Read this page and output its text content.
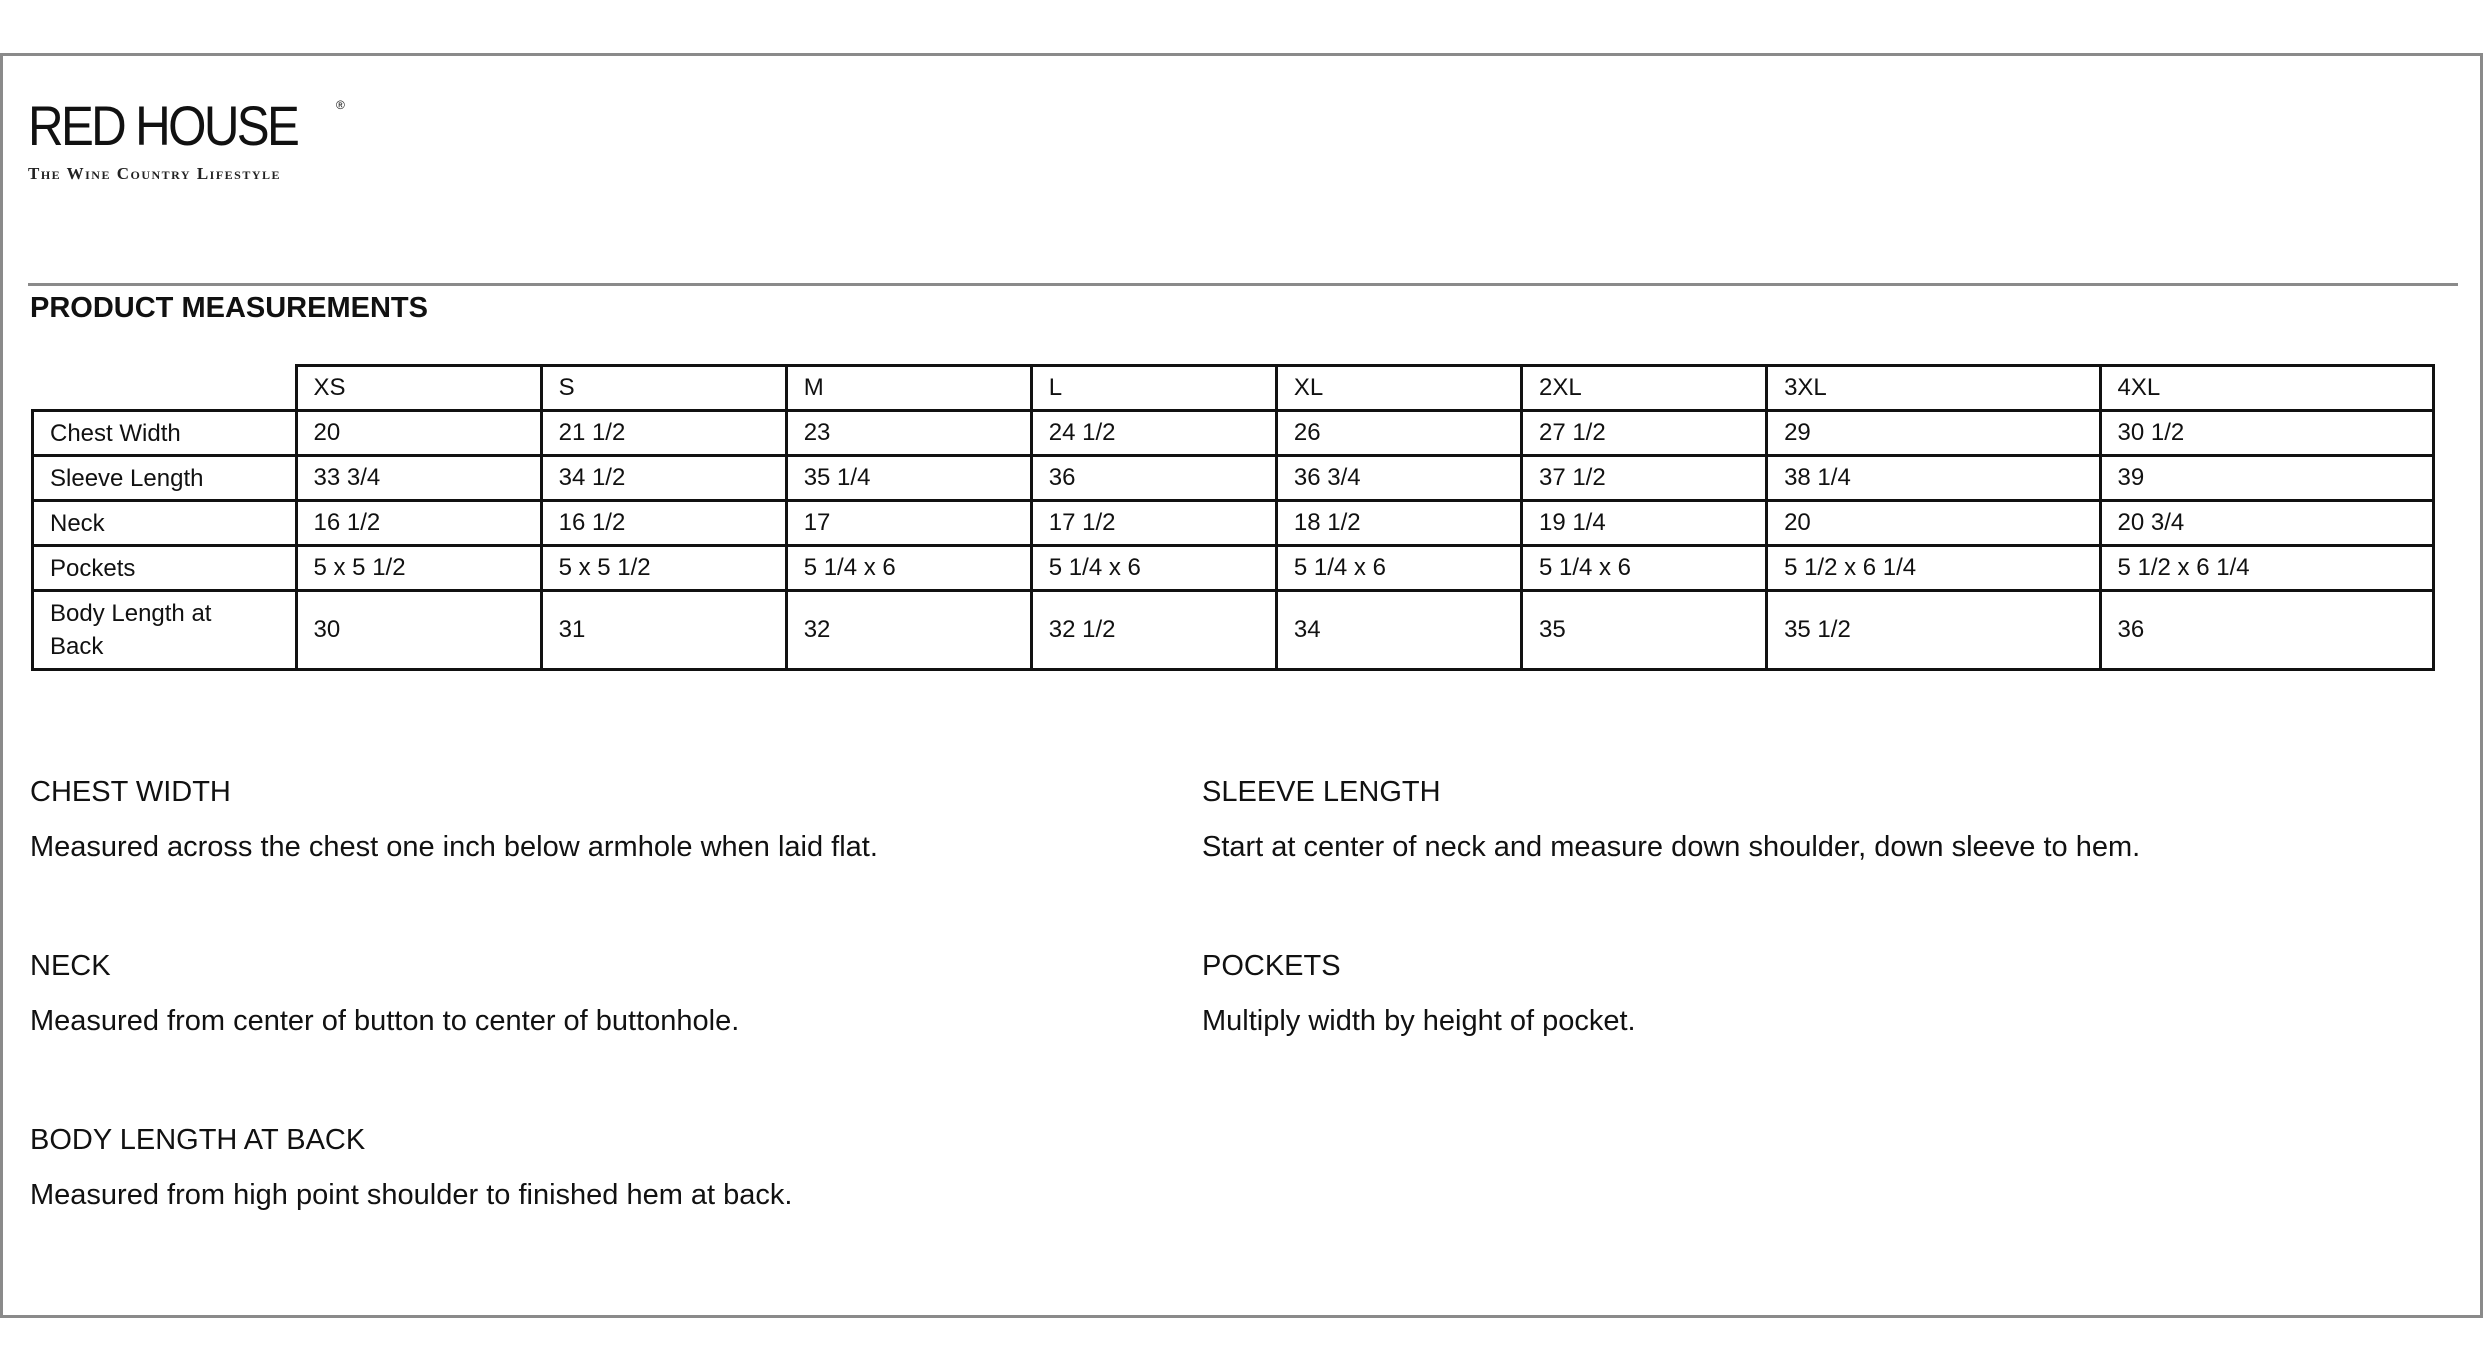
RED HOUSE	®
The Wine Country Lifestyle
PRODUCT MEASUREMENTS
	XS	S	M	L	XL	2XL	3XL	4XL
Chest Width	20	21 1/2	23	24 1/2	26	27 1/2	29	30 1/2
Sleeve Length	33 3/4	34 1/2	35 1/4	36	36 3/4	37 1/2	38 1/4	39
Neck	16 1/2	16 1/2	17	17 1/2	18 1/2	19 1/4	20	20 3/4
Pockets	5 x 5 1/2	5 x 5 1/2	5 1/4 x 6	5 1/4 x 6	5 1/4 x 6	5 1/4 x 6	5 1/2 x 6 1/4	5 1/2 x 6 1/4
Body Length at Back	30	31	32	32 1/2	34	35	35 1/2	36
CHEST WIDTH
Measured across the chest one inch below armhole when laid flat.
SLEEVE LENGTH
Start at center of neck and measure down shoulder, down sleeve to hem.
NECK
Measured from center of button to center of buttonhole.
POCKETS
Multiply width by height of pocket.
BODY LENGTH AT BACK
Measured from high point shoulder to finished hem at back.
